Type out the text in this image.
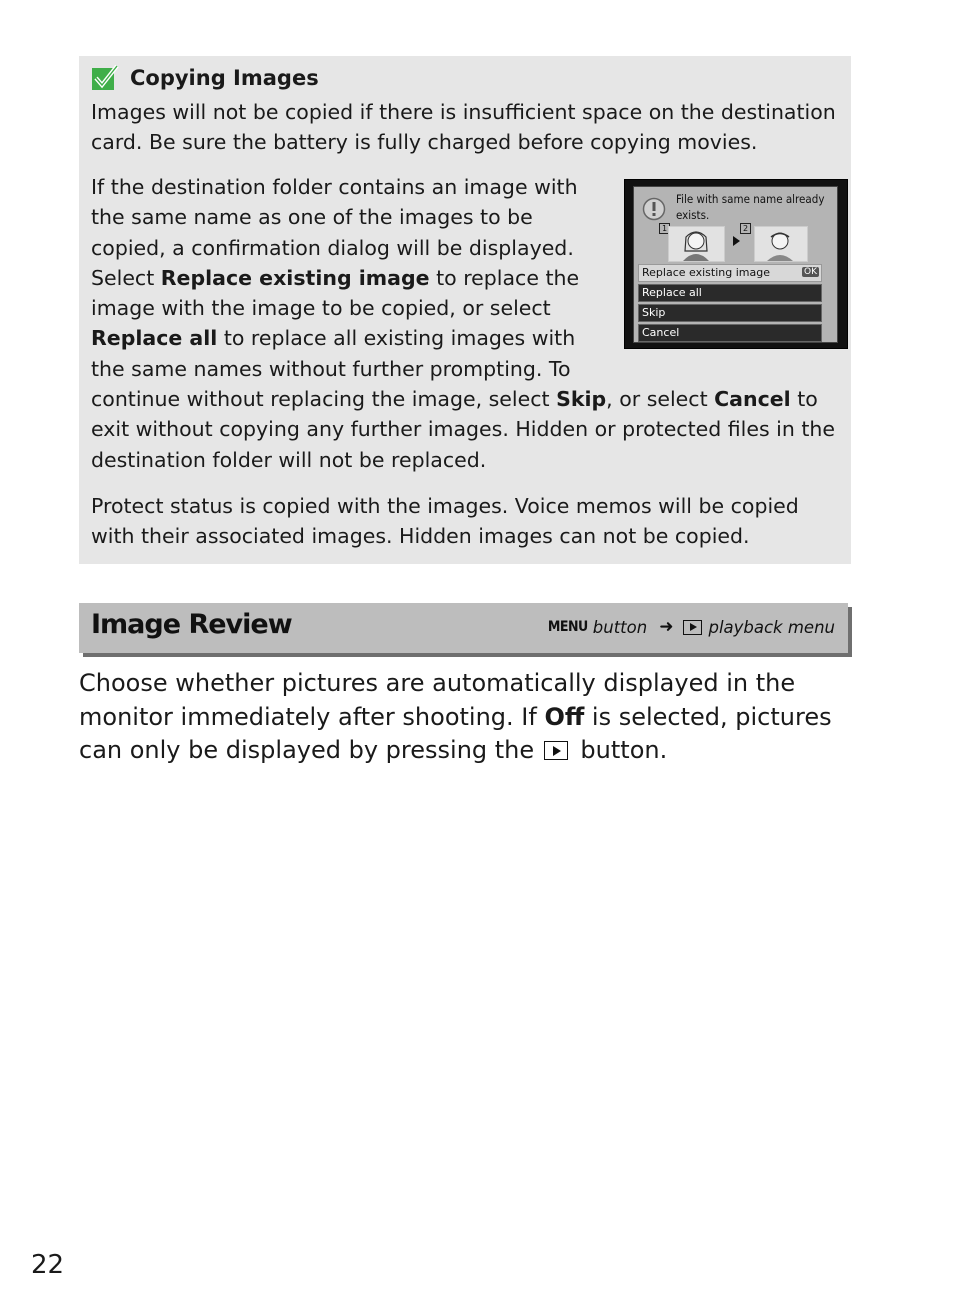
Copying Images

Images will not be copied if there is insufficient space on the destination card. Be sure the battery is fully charged before copying movies.

File with same name already exists.
1	2
Replace existing image	OK
Replace all
Skip
Cancel
If the destination folder contains an image with the same name as one of the images to be copied, a confirmation dialog will be displayed. Select Replace existing image to replace the image with the image to be copied, or select Replace all to replace all existing images with the same names without further prompting. To continue without replacing the image, select Skip, or select Cancel to exit without copying any further images. Hidden or protected files in the destination folder will not be replaced.

Protect status is copied with the images. Voice memos will be copied with their associated images. Hidden images can not be copied.

Image Review	MENU button ➜ playback menu

Choose whether pictures are automatically displayed in the monitor immediately after shooting. If Off is selected, pictures can only be displayed by pressing the  button.

22
